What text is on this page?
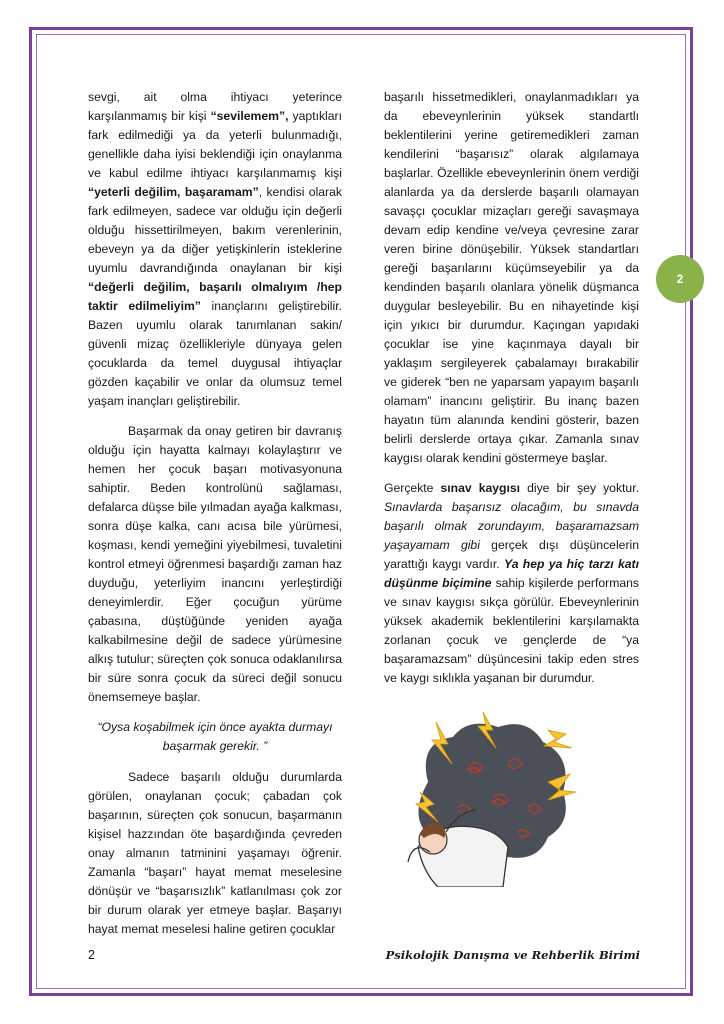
2

sevgi, ait olma ihtiyacı yeterince karşılanmamış bir kişi “sevilemem”, yaptıkları fark edilmediği ya da yeterli bulunmadığı, genellikle daha iyisi beklendiği için onaylanma ve kabul edilme ihtiyacı karşılanmamış kişi “yeterli değilim, başaramam”, kendisi olarak fark edilmeyen, sadece var olduğu için değerli olduğu hissettirilmeyen, bakım verenlerinin, ebeveyn ya da diğer yetişkinlerin isteklerine uyumlu davrandığında onaylanan bir kişi “değerli değilim, başarılı olmalıyım /hep taktir edilmeliyim” inançlarını geliştirebilir. Bazen uyumlu olarak tanımlanan sakin/ güvenli mizaç özellikleriyle dünyaya gelen çocuklarda da temel duygusal ihtiyaçlar gözden kaçabilir ve onlar da olumsuz temel yaşam inançları geliştirebilir.

Başarmak da onay getiren bir davranış olduğu için hayatta kalmayı kolaylaştırır ve hemen her çocuk başarı motivasyonuna sahiptir. Beden kontrolünü sağlaması, defalarca düşse bile yılmadan ayağa kalkması, sonra düşe kalka, canı acısa bile yürümesi, koşması, kendi yemeğini yiyebilmesi, tuvaletini kontrol etmeyi öğrenmesi başardığı zaman haz duyduğu, yeterliyim inancını yerleştirdiği deneyimlerdir. Eğer çocuğun yürüme çabasına, düştüğünde yeniden ayağa kalkabilmesine değil de sadece yürümesine alkış tutulur; süreçten çok sonuca odaklanılırsa bir süre sonra çocuk da süreci değil sonucu önemsemeye başlar.

“Oysa koşabilmek için önce ayakta durmayı başarmak gerekir. ”

Sadece başarılı olduğu durumlarda görülen, onaylanan çocuk; çabadan çok başarının, süreçten çok sonucun, başarmanın kişisel hazzından öte başardığında çevreden onay almanın tatminini yaşamayı öğrenir. Zamanla “başarı” hayat memat meselesine dönüşür ve “başarısızlık” katlanılması çok zor bir durum olarak yer etmeye başlar. Başarıyı hayat memat meselesi haline getiren çocuklar

başarılı hissetmedikleri, onaylanmadıkları ya da ebeveynlerinin yüksek standartlı beklentilerini yerine getiremedikleri zaman kendilerini “başarısız” olarak algılamaya başlarlar. Özellikle ebeveynlerinin önem verdiği alanlarda ya da derslerde başarılı olamayan savaşçı çocuklar mizaçları gereği savaşmaya devam edip kendine ve/veya çevresine zarar veren birine dönüşebilir. Yüksek standartları gereği başarılarını küçümseyebilir ya da kendinden başarılı olanlara yönelik düşmanca duygular besleyebilir. Bu en nihayetinde kişi için yıkıcı bir durumdur. Kaçıngan yapıdaki çocuklar ise yine kaçınmaya dayalı bir yaklaşım sergileyerek çabalamayı bırakabilir ve giderek “ben ne yaparsam yapayım başarılı olamam” inancını geliştirir. Bu inanç bazen hayatın tüm alanında kendini gösterir, bazen belirli derslerde ortaya çıkar. Zamanla sınav kaygısı olarak kendini göstermeye başlar.

Gerçekte sınav kaygısı diye bir şey yoktur. Sınavlarda başarısız olacağım, bu sınavda başarılı olmak zorundayım, başaramazsam yaşayamam gibi gerçek dışı düşüncelerin yarattığı kaygı vardır. Ya hep ya hiç tarzı katı düşünme biçimine sahip kişilerde performans ve sınav kaygısı sıkça görülür. Ebeveynlerinin yüksek akademik beklentilerini karşılamakta zorlanan çocuk ve gençlerde de “ya başaramazsam” düşüncesini takip eden stres ve kaygı sıklıkla yaşanan bir durumdur.

2	Psikolojik Danışma ve Rehberlik Birimi
